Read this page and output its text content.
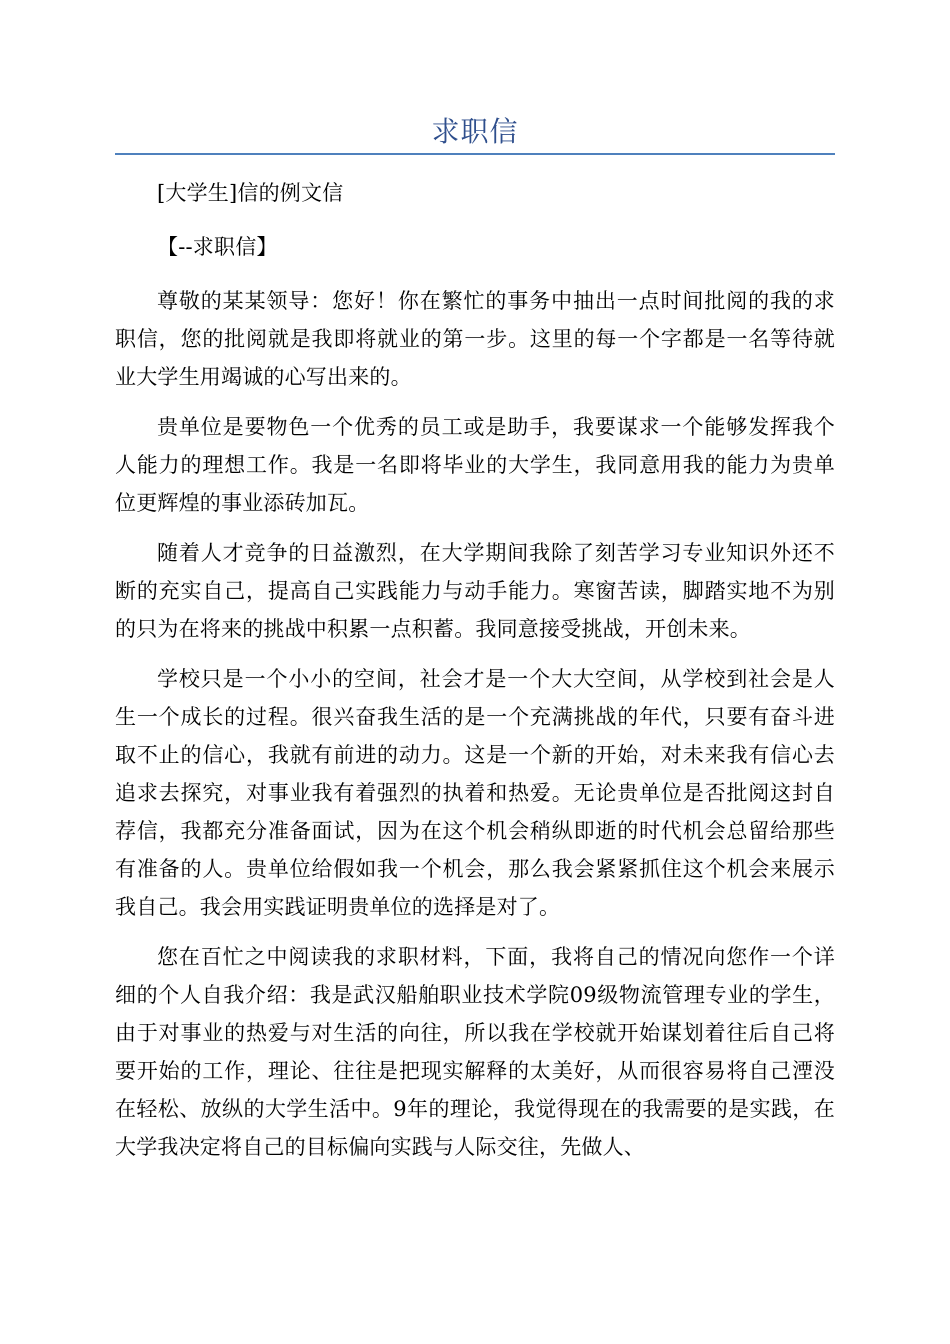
求职信

[大学生]信的例文信

【--求职信】

尊敬的某某领导：您好！你在繁忙的事务中抽出一点时间批阅的我的求职信，您的批阅就是我即将就业的第一步。这里的每一个字都是一名等待就业大学生用竭诚的心写出来的。

贵单位是要物色一个优秀的员工或是助手，我要谋求一个能够发挥我个人能力的理想工作。我是一名即将毕业的大学生，我同意用我的能力为贵单位更辉煌的事业添砖加瓦。

随着人才竞争的日益激烈，在大学期间我除了刻苦学习专业知识外还不断的充实自己，提高自己实践能力与动手能力。寒窗苦读，脚踏实地不为别的只为在将来的挑战中积累一点积蓄。我同意接受挑战，开创未来。

学校只是一个小小的空间，社会才是一个大大空间，从学校到社会是人生一个成长的过程。很兴奋我生活的是一个充满挑战的年代，只要有奋斗进取不止的信心，我就有前进的动力。这是一个新的开始，对未来我有信心去追求去探究，对事业我有着强烈的执着和热爱。无论贵单位是否批阅这封自荐信，我都充分准备面试，因为在这个机会稍纵即逝的时代机会总留给那些有准备的人。贵单位给假如我一个机会，那么我会紧紧抓住这个机会来展示我自己。我会用实践证明贵单位的选择是对了。

您在百忙之中阅读我的求职材料，下面，我将自己的情况向您作一个详细的个人自我介绍：我是武汉船舶职业技术学院09级物流管理专业的学生，由于对事业的热爱与对生活的向往，所以我在学校就开始谋划着往后自己将要开始的工作，理论、往往是把现实解释的太美好，从而很容易将自己湮没在轻松、放纵的大学生活中。9年的理论，我觉得现在的我需要的是实践，在大学我决定将自己的目标偏向实践与人际交往，先做人、
